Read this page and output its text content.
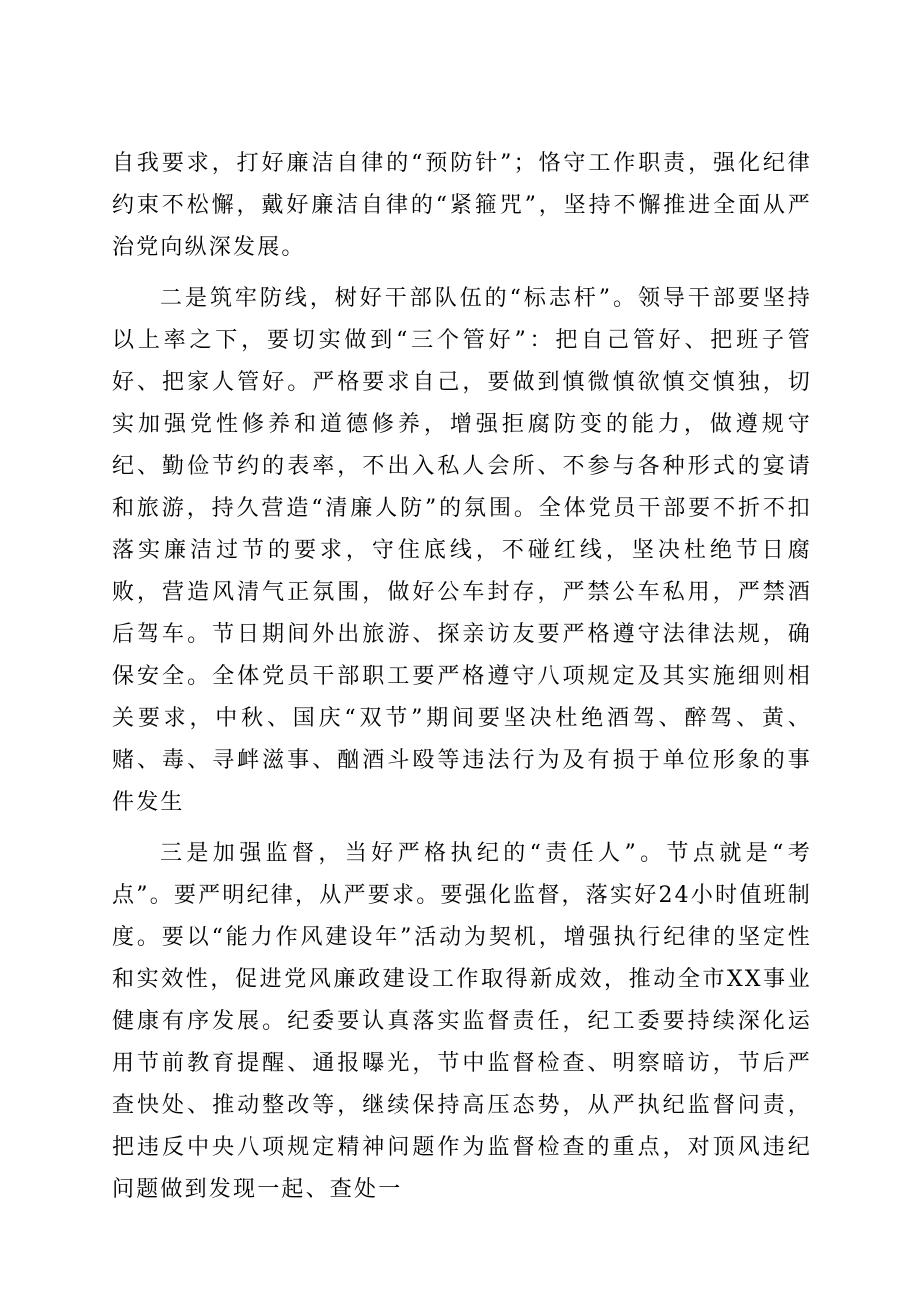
自我要求，打好廉洁自律的“预防针”；恪守工作职责，强化纪律约束不松懈，戴好廉洁自律的“紧箍咒”，坚持不懈推进全面从严治党向纵深发展。

二是筑牢防线，树好干部队伍的“标志杆”。领导干部要坚持以上率之下，要切实做到“三个管好”：把自己管好、把班子管好、把家人管好。严格要求自己，要做到慎微慎欲慎交慎独，切实加强党性修养和道德修养，增强拒腐防变的能力，做遵规守纪、勤俭节约的表率，不出入私人会所、不参与各种形式的宴请和旅游，持久营造“清廉人防”的氛围。全体党员干部要不折不扣落实廉洁过节的要求，守住底线，不碰红线，坚决杜绝节日腐败，营造风清气正氛围，做好公车封存，严禁公车私用，严禁酒后驾车。节日期间外出旅游、探亲访友要严格遵守法律法规，确保安全。全体党员干部职工要严格遵守八项规定及其实施细则相关要求，中秋、国庆“双节”期间要坚决杜绝酒驾、醉驾、黄、赌、毒、寻衅滋事、酗酒斗殴等违法行为及有损于单位形象的事件发生

三是加强监督，当好严格执纪的“责任人”。节点就是“考点”。要严明纪律，从严要求。要强化监督，落实好24小时值班制度。要以“能力作风建设年”活动为契机，增强执行纪律的坚定性和实效性，促进党风廉政建设工作取得新成效，推动全市XX事业健康有序发展。纪委要认真落实监督责任，纪工委要持续深化运用节前教育提醒、通报曝光，节中监督检查、明察暗访，节后严查快处、推动整改等，继续保持高压态势，从严执纪监督问责，把违反中央八项规定精神问题作为监督检查的重点，对顶风违纪问题做到发现一起、查处一
